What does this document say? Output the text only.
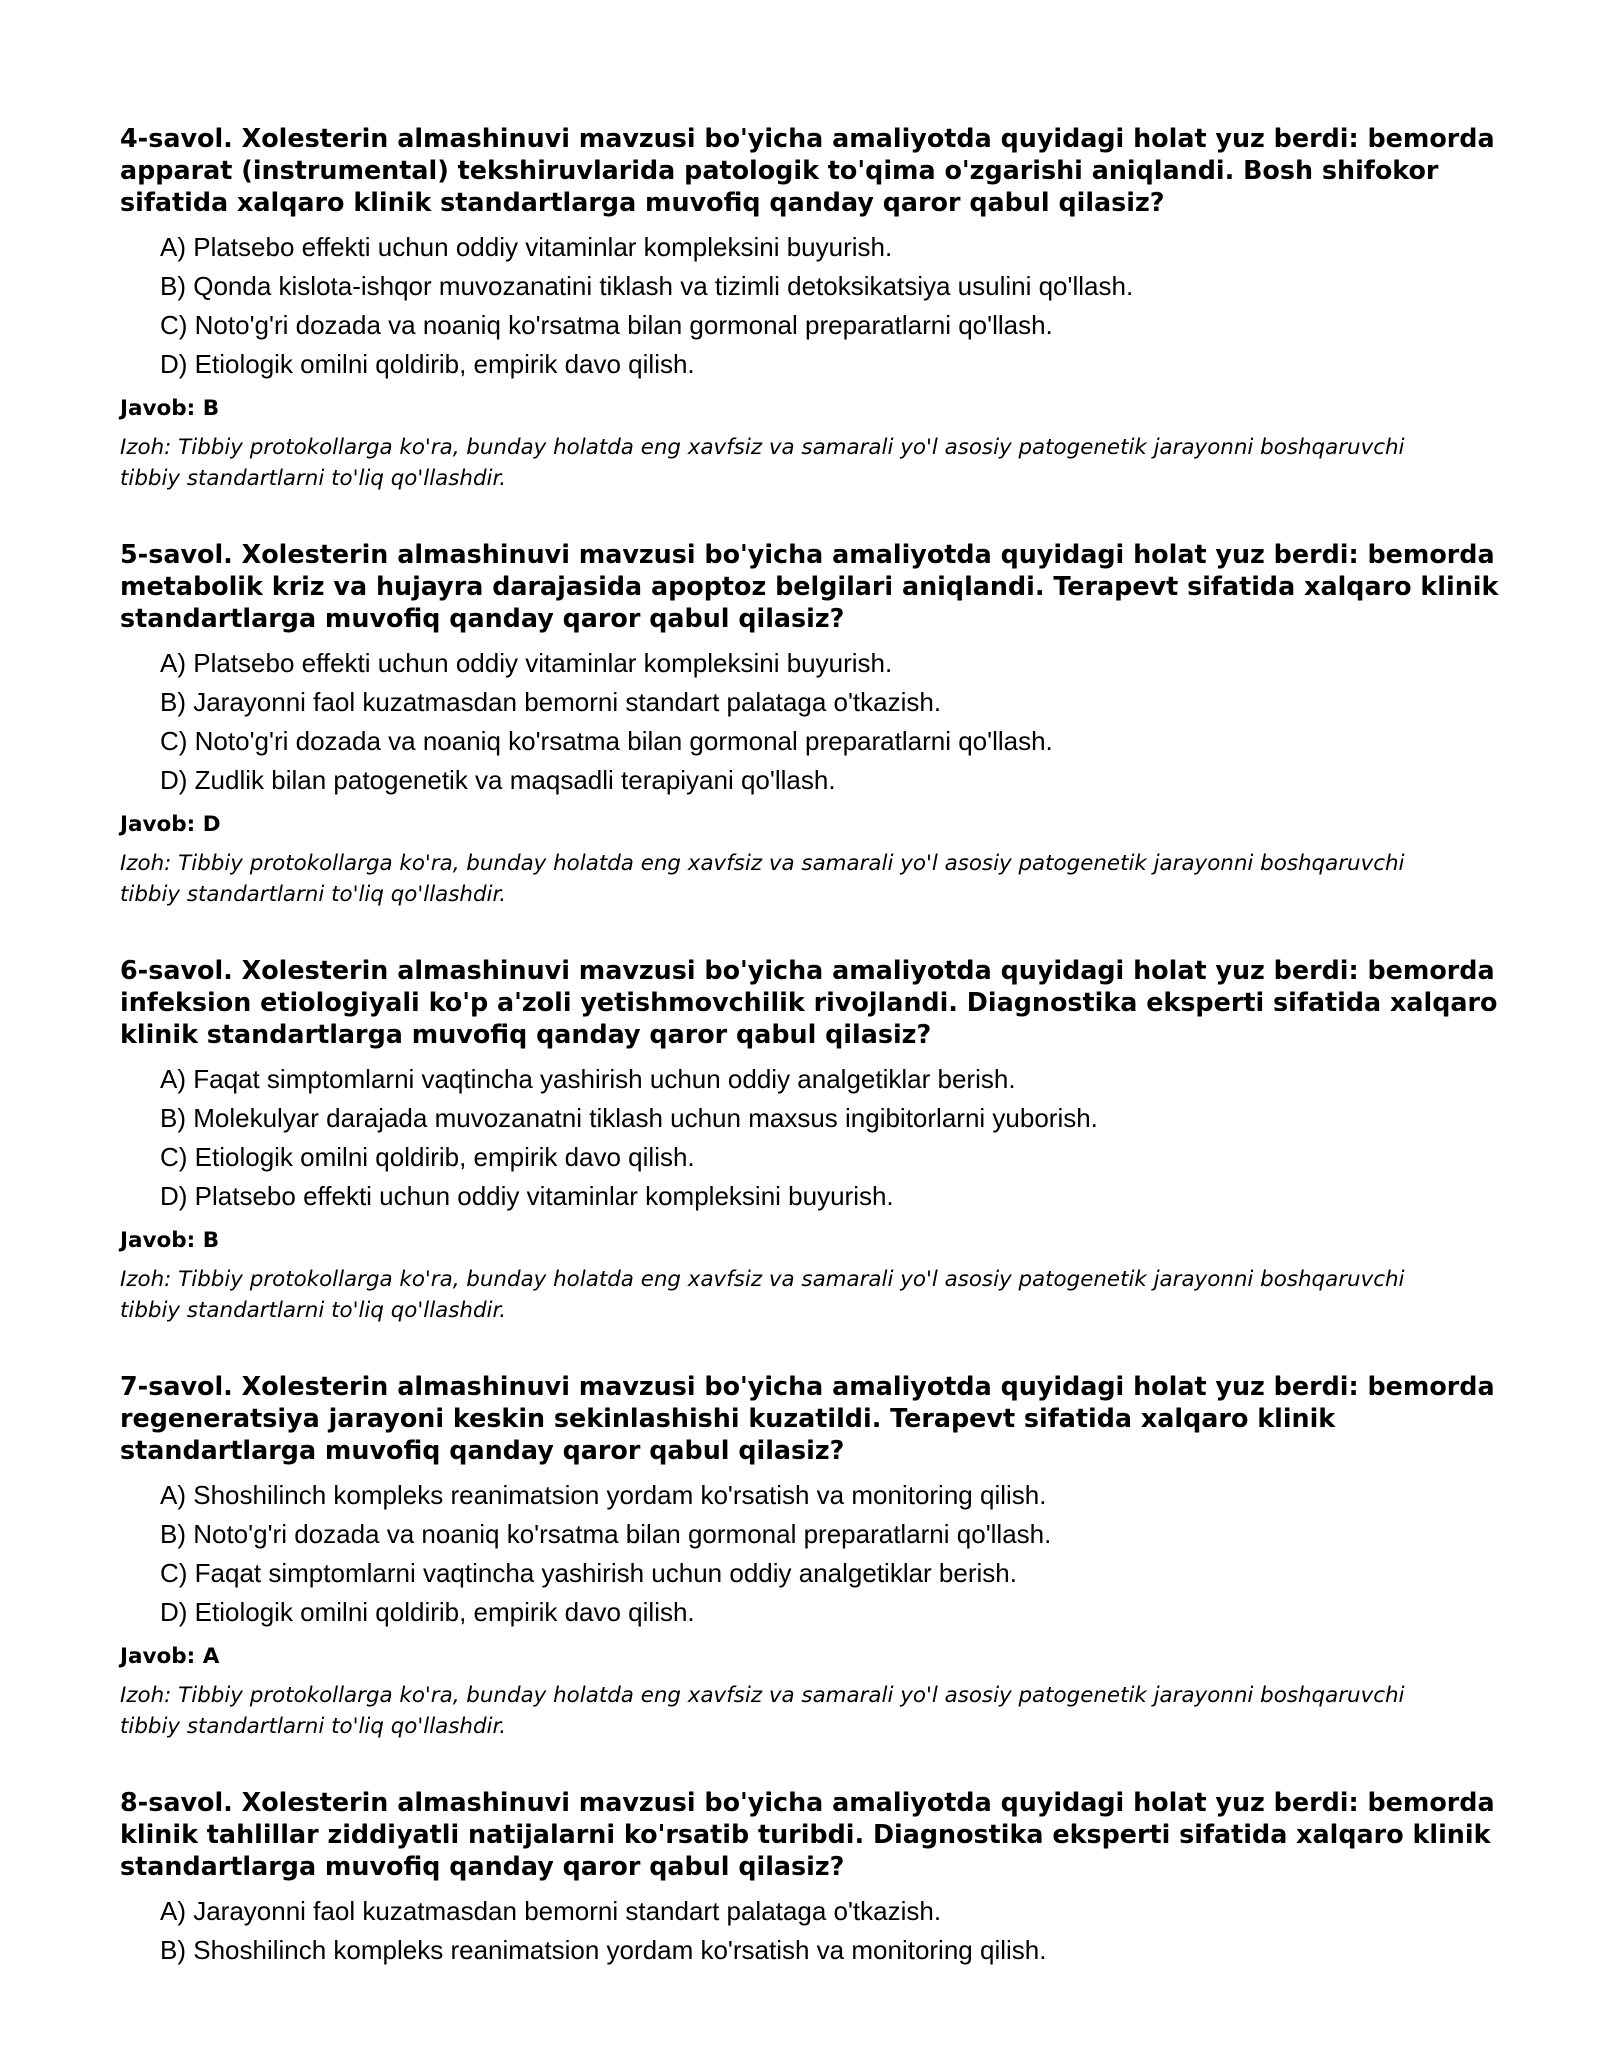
4-savol. Xolesterin almashinuvi mavzusi bo'yicha amaliyotda quyidagi holat yuz berdi: bemorda apparat (instrumental) tekshiruvlarida patologik to'qima o'zgarishi aniqlandi. Bosh shifokor sifatida xalqaro klinik standartlarga muvofiq qanday qaror qabul qilasiz?

A) Platsebo effekti uchun oddiy vitaminlar kompleksini buyurish.
B) Qonda kislota-ishqor muvozanatini tiklash va tizimli detoksikatsiya usulini qo'llash.
C) Noto'g'ri dozada va noaniq ko'rsatma bilan gormonal preparatlarni qo'llash.
D) Etiologik omilni qoldirib, empirik davo qilish.
Javob: B
Izoh: Tibbiy protokollarga ko'ra, bunday holatda eng xavfsiz va samarali yo'l asosiy patogenetik jarayonni boshqaruvchi tibbiy standartlarni to'liq qo'llashdir.

5-savol. Xolesterin almashinuvi mavzusi bo'yicha amaliyotda quyidagi holat yuz berdi: bemorda metabolik kriz va hujayra darajasida apoptoz belgilari aniqlandi. Terapevt sifatida xalqaro klinik standartlarga muvofiq qanday qaror qabul qilasiz?

A) Platsebo effekti uchun oddiy vitaminlar kompleksini buyurish.
B) Jarayonni faol kuzatmasdan bemorni standart palataga o'tkazish.
C) Noto'g'ri dozada va noaniq ko'rsatma bilan gormonal preparatlarni qo'llash.
D) Zudlik bilan patogenetik va maqsadli terapiyani qo'llash.
Javob: D
Izoh: Tibbiy protokollarga ko'ra, bunday holatda eng xavfsiz va samarali yo'l asosiy patogenetik jarayonni boshqaruvchi tibbiy standartlarni to'liq qo'llashdir.

6-savol. Xolesterin almashinuvi mavzusi bo'yicha amaliyotda quyidagi holat yuz berdi: bemorda infeksion etiologiyali ko'p a'zoli yetishmovchilik rivojlandi. Diagnostika eksperti sifatida xalqaro klinik standartlarga muvofiq qanday qaror qabul qilasiz?

A) Faqat simptomlarni vaqtincha yashirish uchun oddiy analgetiklar berish.
B) Molekulyar darajada muvozanatni tiklash uchun maxsus ingibitorlarni yuborish.
C) Etiologik omilni qoldirib, empirik davo qilish.
D) Platsebo effekti uchun oddiy vitaminlar kompleksini buyurish.
Javob: B
Izoh: Tibbiy protokollarga ko'ra, bunday holatda eng xavfsiz va samarali yo'l asosiy patogenetik jarayonni boshqaruvchi tibbiy standartlarni to'liq qo'llashdir.

7-savol. Xolesterin almashinuvi mavzusi bo'yicha amaliyotda quyidagi holat yuz berdi: bemorda regeneratsiya jarayoni keskin sekinlashishi kuzatildi. Terapevt sifatida xalqaro klinik standartlarga muvofiq qanday qaror qabul qilasiz?

A) Shoshilinch kompleks reanimatsion yordam ko'rsatish va monitoring qilish.
B) Noto'g'ri dozada va noaniq ko'rsatma bilan gormonal preparatlarni qo'llash.
C) Faqat simptomlarni vaqtincha yashirish uchun oddiy analgetiklar berish.
D) Etiologik omilni qoldirib, empirik davo qilish.
Javob: A
Izoh: Tibbiy protokollarga ko'ra, bunday holatda eng xavfsiz va samarali yo'l asosiy patogenetik jarayonni boshqaruvchi tibbiy standartlarni to'liq qo'llashdir.

8-savol. Xolesterin almashinuvi mavzusi bo'yicha amaliyotda quyidagi holat yuz berdi: bemorda klinik tahlillar ziddiyatli natijalarni ko'rsatib turibdi. Diagnostika eksperti sifatida xalqaro klinik standartlarga muvofiq qanday qaror qabul qilasiz?

A) Jarayonni faol kuzatmasdan bemorni standart palataga o'tkazish.
B) Shoshilinch kompleks reanimatsion yordam ko'rsatish va monitoring qilish.
